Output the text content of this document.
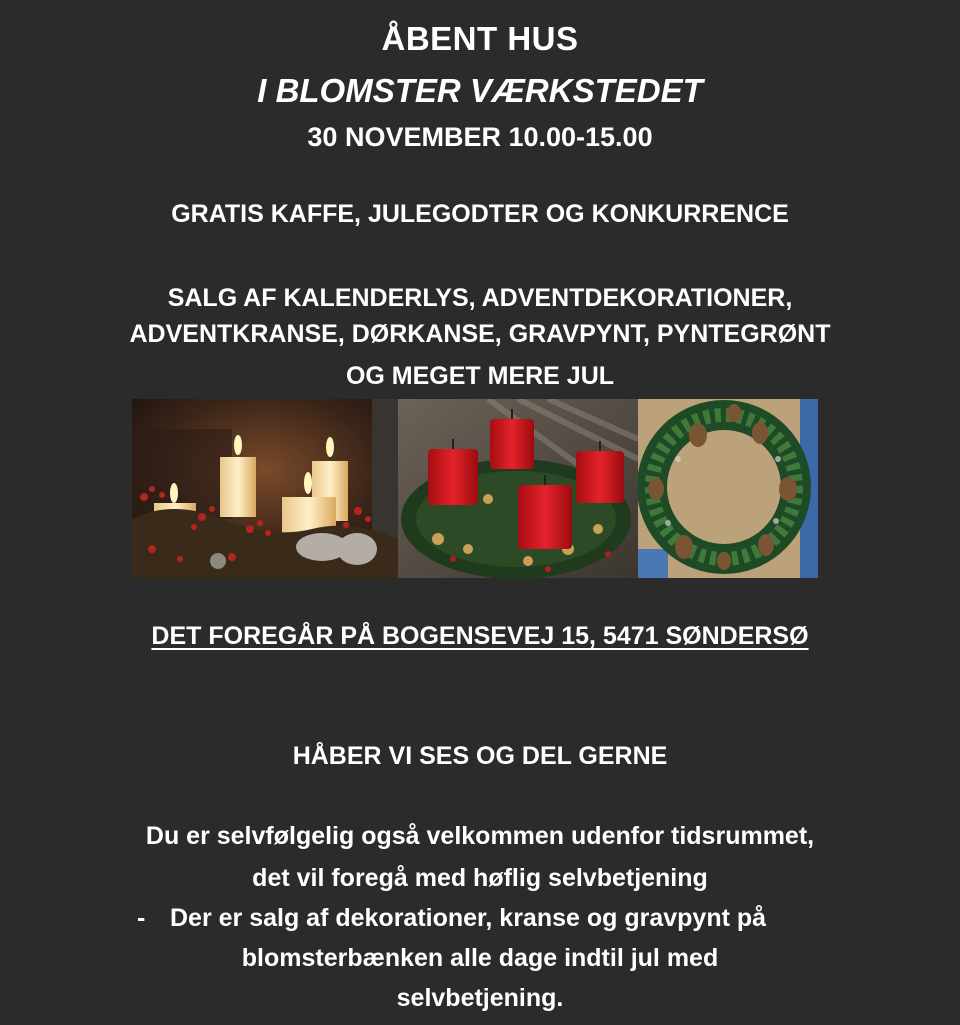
ÅBENT HUS
I BLOMSTER VÆRKSTEDET
30 NOVEMBER 10.00-15.00
GRATIS KAFFE, JULEGODTER OG KONKURRENCE
SALG AF KALENDERLYS, ADVENTDEKORATIONER,
ADVENTKRANSE, DØRKANSE, GRAVPYNT, PYNTEGRØNT
OG MEGET MERE JUL
DET FOREGÅR PÅ BOGENSEVEJ 15, 5471 SØNDERSØ
HÅBER VI SES OG DEL GERNE
Du er selvfølgelig også velkommen udenfor tidsrummet,
det vil foregå med høflig selvbetjening
- Der er salg af dekorationer, kranse og gravpynt på
blomsterbænken alle dage indtil jul med
selvbetjening.
